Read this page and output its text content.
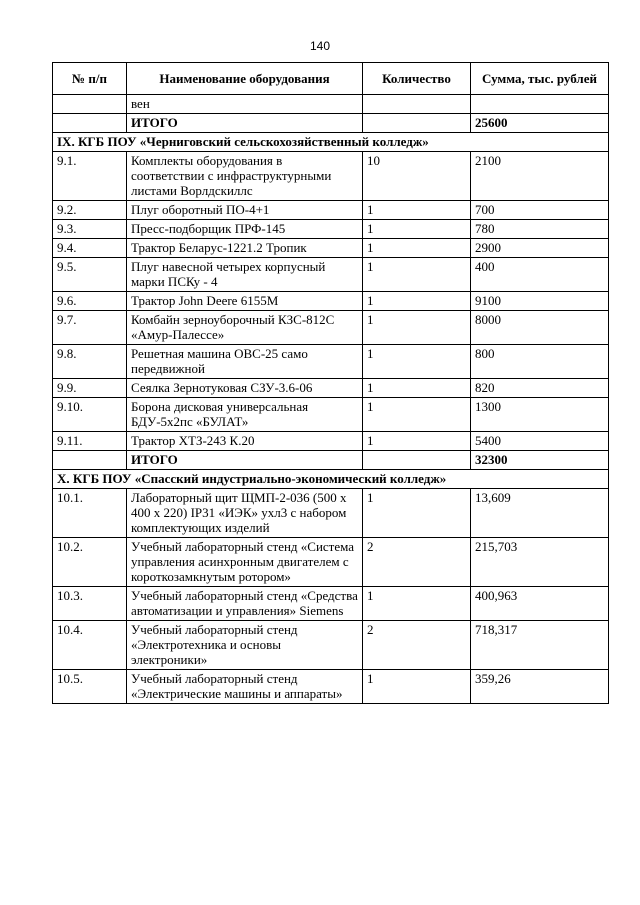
140
№ п/п	Наименование оборудования	Количество	Сумма, тыс. рублей
	вен		
	ИТОГО		25600
IX. КГБ ПОУ «Черниговский сельскохозяйственный колледж»			
9.1.	Комплекты оборудования в соответствии с инфраструктурными листами Ворлдскиллс	10	2100
9.2.	Плуг оборотный ПО-4+1	1	700
9.3.	Пресс-подборщик ПРФ-145	1	780
9.4.	Трактор Беларус-1221.2 Тропик	1	2900
9.5.	Плуг навесной четырех корпусный марки ПСКу - 4	1	400
9.6.	Трактор John Deere 6155M	1	9100
9.7.	Комбайн зерноуборочный КЗС-812С «Амур-Палессе»	1	8000
9.8.	Решетная машина ОВС-25 само передвижной	1	800
9.9.	Сеялка Зернотуковая СЗУ-3.6-06	1	820
9.10.	Борона дисковая универсальная БДУ-5х2пс «БУЛАТ»	1	1300
9.11.	Трактор ХТЗ-243 К.20	1	5400
	ИТОГО		32300
X. КГБ ПОУ «Спасский индустриально-экономический колледж»			
10.1.	Лабораторный щит ЩМП-2-036 (500 х 400 х 220) IP31 «ИЭК» ухл3 с набором комплектующих изделий	1	13,609
10.2.	Учебный лабораторный стенд «Система управления асинхронным двигателем с короткозамкнутым ротором»	2	215,703
10.3.	Учебный лабораторный стенд «Средства автоматизации и управления» Siemens	1	400,963
10.4.	Учебный лабораторный стенд «Электротехника и основы электроники»	2	718,317
10.5.	Учебный лабораторный стенд «Электрические машины и аппараты»	1	359,26
